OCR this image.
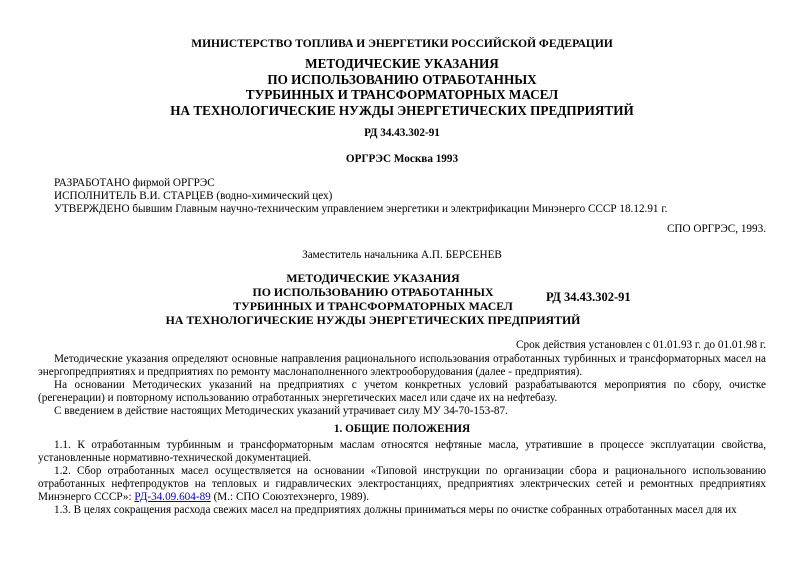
МИНИСТЕРСТВО ТОПЛИВА И ЭНЕРГЕТИКИ РОССИЙСКОЙ ФЕДЕРАЦИИ
МЕТОДИЧЕСКИЕ УКАЗАНИЯ
ПО ИСПОЛЬЗОВАНИЮ ОТРАБОТАННЫХ
ТУРБИННЫХ И ТРАНСФОРМАТОРНЫХ МАСЕЛ
НА ТЕХНОЛОГИЧЕСКИЕ НУЖДЫ ЭНЕРГЕТИЧЕСКИХ ПРЕДПРИЯТИЙ
РД 34.43.302-91
ОРГРЭС Москва 1993
РАЗРАБОТАНО фирмой ОРГРЭС
ИСПОЛНИТЕЛЬ В.И. СТАРЦЕВ (водно-химический цех)
УТВЕРЖДЕНО бывшим Главным научно-техническим управлением энергетики и электрификации Минэнерго СССР 18.12.91 г.
СПО ОРГРЭС, 1993.
Заместитель начальника А.П. БЕРСЕНЕВ
МЕТОДИЧЕСКИЕ УКАЗАНИЯ
ПО ИСПОЛЬЗОВАНИЮ ОТРАБОТАННЫХ
ТУРБИННЫХ И ТРАНСФОРМАТОРНЫХ МАСЕЛ
НА ТЕХНОЛОГИЧЕСКИЕ НУЖДЫ ЭНЕРГЕТИЧЕСКИХ ПРЕДПРИЯТИЙ
РД 34.43.302-91
Срок действия установлен с 01.01.93 г. до 01.01.98 г.

Методические указания определяют основные направления рационального использования отработанных турбинных и трансформаторных масел на энергопредприятиях и предприятиях по ремонту маслонаполненного электрооборудования (далее - предприятия).

На основании Методических указаний на предприятиях с учетом конкретных условий разрабатываются мероприятия по сбору, очистке (регенерации) и повторному использованию отработанных энергетических масел или сдаче их на нефтебазу.

С введением в действие настоящих Методических указаний утрачивает силу МУ 34-70-153-87.

1. ОБЩИЕ ПОЛОЖЕНИЯ

1.1. К отработанным турбинным и трансформаторным маслам относятся нефтяные масла, утратившие в процессе эксплуатации свойства, установленные нормативно-технической документацией.

1.2. Сбор отработанных масел осуществляется на основании «Типовой инструкции по организации сбора и рационального использованию отработанных нефтепродуктов на тепловых и гидравлических электростанциях, предприятиях электрических сетей и ремонтных предприятиях Минэнерго СССР»: РД-34.09.604-89 (М.: СПО Союзтехэнерго, 1989).

1.3. В целях сокращения расхода свежих масел на предприятиях должны приниматься меры по очистке собранных отработанных масел для их
